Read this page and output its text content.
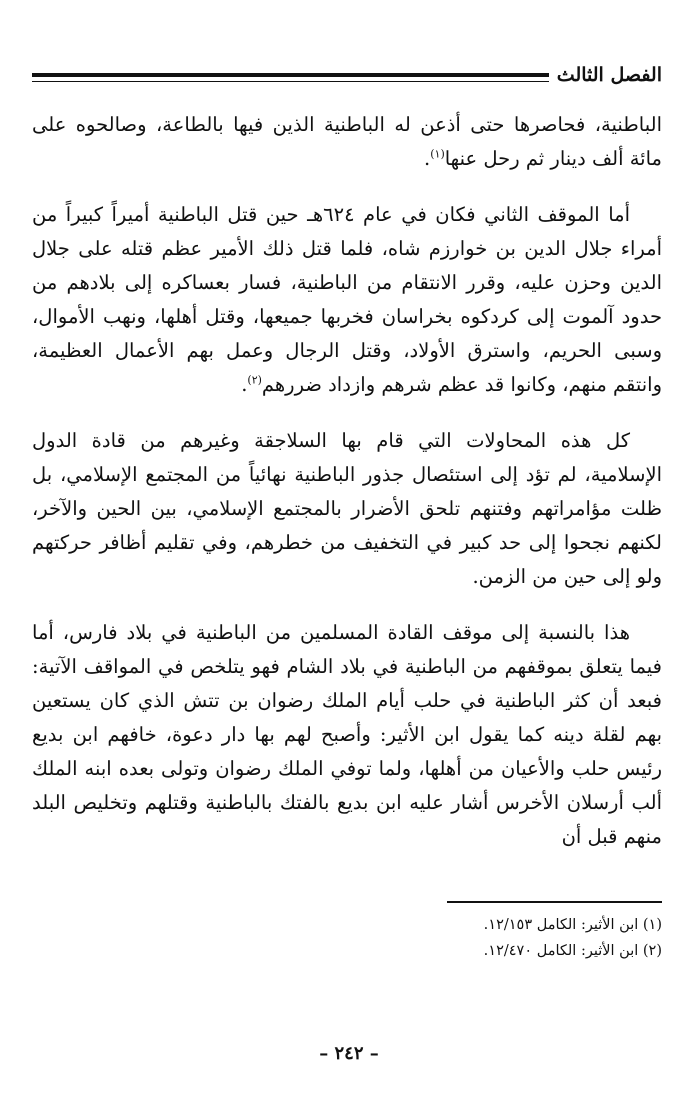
الفصل الثالث

الباطنية، فحاصرها حتى أذعن له الباطنية الذين فيها بالطاعة، وصالحوه على مائة ألف دينار ثم رحل عنها$^{(١)}$.

أما الموقف الثاني فكان في عام ٦٢٤هـ حين قتل الباطنية أميراً كبيراً من أمراء جلال الدين بن خوارزم شاه، فلما قتل ذلك الأمير عظم قتله على جلال الدين وحزن عليه، وقرر الانتقام من الباطنية، فسار بعساكره إلى بلادهم من حدود آلموت إلى كردكوه بخراسان فخربها جميعها، وقتل أهلها، ونهب الأموال، وسبى الحريم، واسترق الأولاد، وقتل الرجال وعمل بهم الأعمال العظيمة، وانتقم منهم، وكانوا قد عظم شرهم وازداد ضررهم$^{(٢)}$.

كل هذه المحاولات التي قام بها السلاجقة وغيرهم من قادة الدول الإسلامية، لم تؤد إلى استئصال جذور الباطنية نهائياً من المجتمع الإسلامي، بل ظلت مؤامراتهم وفتنهم تلحق الأضرار بالمجتمع الإسلامي، بين الحين والآخر، لكنهم نجحوا إلى حد كبير في التخفيف من خطرهم، وفي تقليم أظافر حركتهم ولو إلى حين من الزمن.

هذا بالنسبة إلى موقف القادة المسلمين من الباطنية في بلاد فارس، أما فيما يتعلق بموقفهم من الباطنية في بلاد الشام فهو يتلخص في المواقف الآتية: فبعد أن كثر الباطنية في حلب أيام الملك رضوان بن تتش الذي كان يستعين بهم لقلة دينه كما يقول ابن الأثير: وأصبح لهم بها دار دعوة، خافهم ابن بديع رئيس حلب والأعيان من أهلها، ولما توفي الملك رضوان وتولى بعده ابنه الملك ألب أرسلان الأخرس أشار عليه ابن بديع بالفتك بالباطنية وقتلهم وتخليص البلد منهم قبل أن

(١) ابن الأثير: الكامل ١٢/١٥٣.

(٢) ابن الأثير: الكامل ١٢/٤٧٠.

– ٢٤٢ –
